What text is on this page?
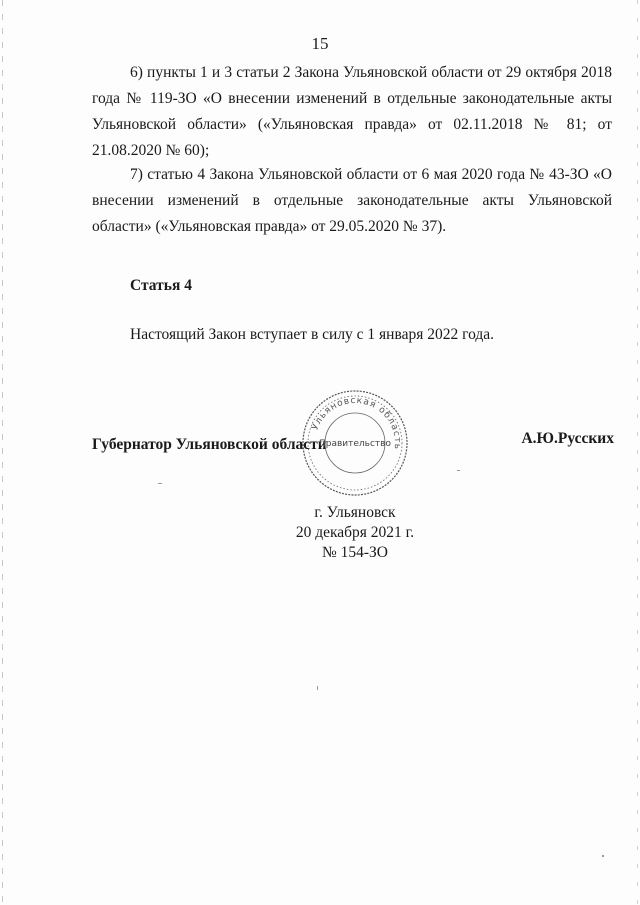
15

6) пункты 1 и 3 статьи 2 Закона Ульяновской области от 29 октября 2018 года № 119-ЗО «О внесении изменений в отдельные законодательные акты Ульяновской области» («Ульяновская правда» от 02.11.2018 № 81; от 21.08.2020 № 60);

7) статью 4 Закона Ульяновской области от 6 мая 2020 года № 43-ЗО «О внесении изменений в отдельные законодательные акты Ульяновской области» («Ульяновская правда» от 29.05.2020 № 37).

Статья 4
Настоящий Закон вступает в силу с 1 января 2022 года.
Губернатор Ульяновской области
Ульяновская область
Правительство	А.Ю.Русских
г. Ульяновск
20 декабря 2021 г.
№ 154-ЗО
